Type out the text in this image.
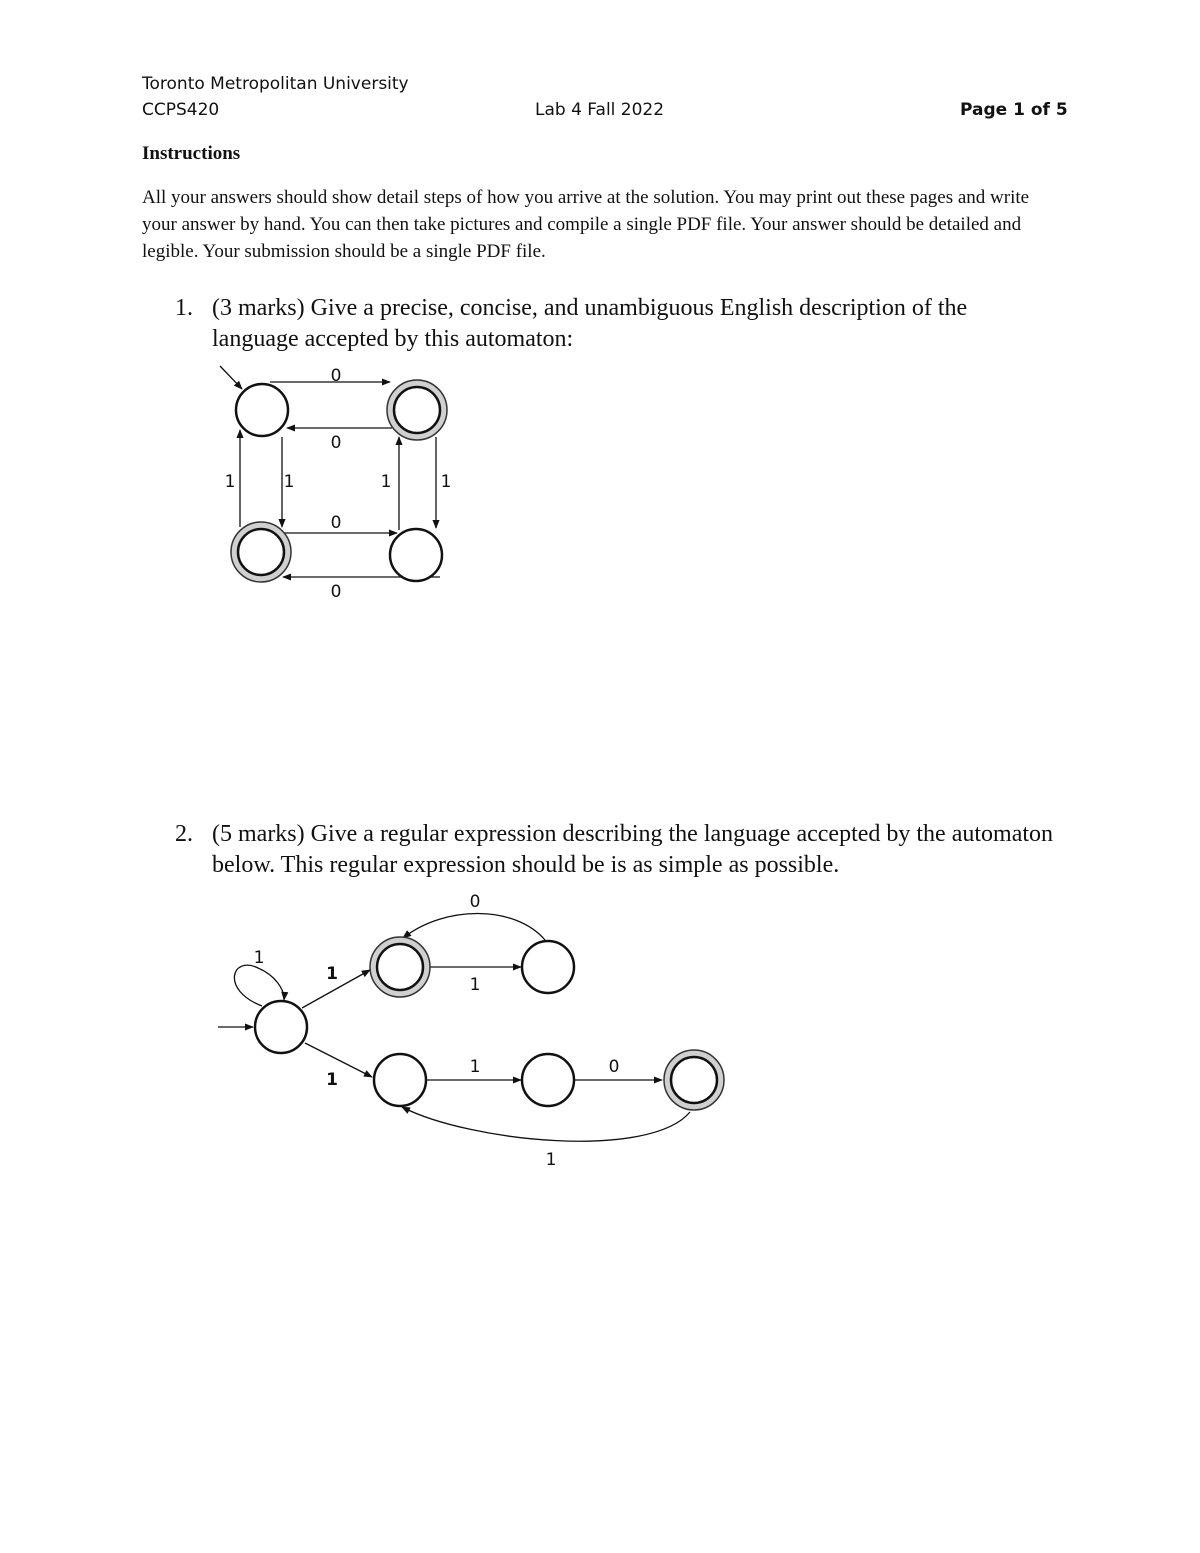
Toronto Metropolitan University
CCPS420	Lab 4 Fall 2022	Page 1 of 5
Instructions
All your answers should show detail steps of how you arrive at the solution. You may print out these pages and write your answer by hand. You can then take pictures and compile a single PDF file. Your answer should be detailed and legible. Your submission should be a single PDF file.
1. (3 marks) Give a precise, concise, and unambiguous English description of the language accepted by this automaton:
2. (5 marks) Give a regular expression describing the language accepted by the automaton below. This regular expression should be is as simple as possible.
0
0
1	1	1	1
0
0
1
1
1
0
1
1	0
1
